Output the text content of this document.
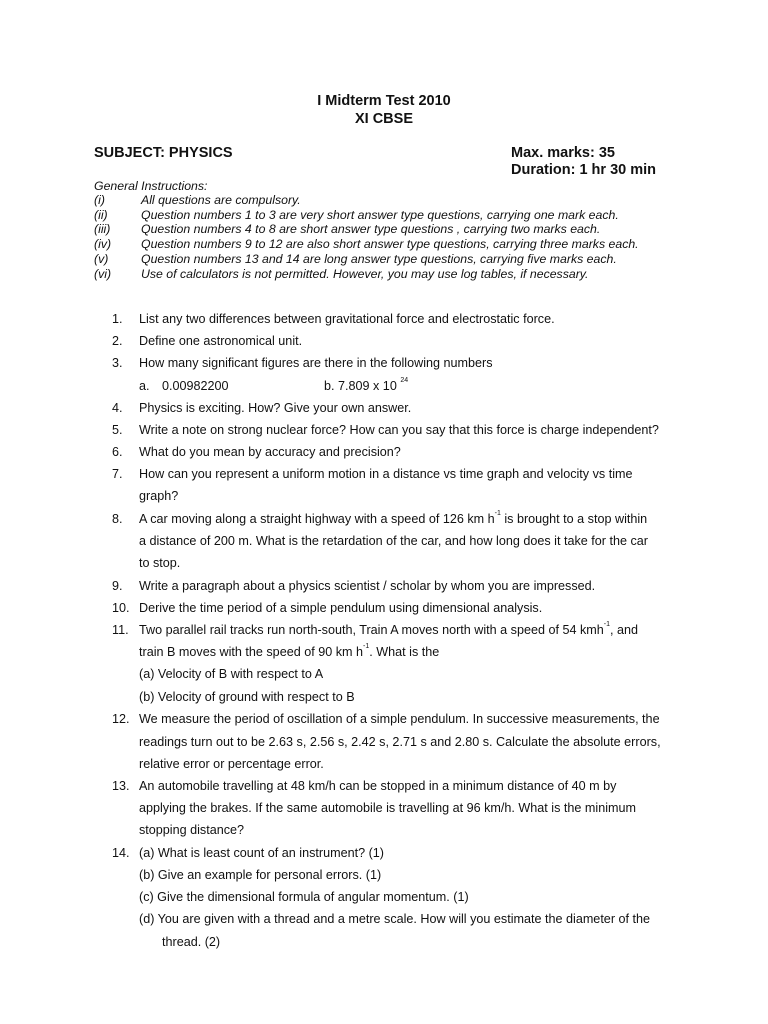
I Midterm Test 2010
XI CBSE
SUBJECT: PHYSICS	Max. marks: 35
Duration: 1 hr 30 min
General Instructions:
(i)	All questions are compulsory.
(ii)	Question numbers 1 to 3 are very short answer type questions, carrying one mark each.
(iii) Question numbers 4 to 8 are short answer type questions , carrying two marks each.
(iv) Question numbers 9 to 12 are also short answer type questions, carrying three marks each.
(v)	Question numbers 13 and 14 are long answer type questions, carrying five marks each.
(vi) Use of calculators is not permitted. However, you may use log tables, if necessary.
1.	List any two differences between gravitational force and electrostatic force.
2.	Define one astronomical unit.
3.	How many significant figures are there in the following numbers
a. 0.00982200	b. 7.809 x 10 $^{24}$
4.	Physics is exciting. How? Give your own answer.
5.	Write a note on strong nuclear force? How can you say that this force is charge independent?
6.	What do you mean by accuracy and precision?
7.	How can you represent a uniform motion in a distance vs time graph and velocity vs time
graph?
8.	A car moving along a straight highway with a speed of 126 km $h^{-1}$ is brought to a stop within
a distance of 200 m. What is the retardation of the car, and how long does it take for the car
to stop.
9.	Write a paragraph about a physics scientist / scholar by whom you are impressed.
10. Derive the time period of a simple pendulum using dimensional analysis.
11. Two parallel rail tracks run north-south, Train A moves north with a speed of 54 kmh$^{-1}$, and
train B moves with the speed of 90 km $h^{-1}$. What is the
(a) Velocity of B with respect to A
(b) Velocity of ground with respect to B
12. We measure the period of oscillation of a simple pendulum. In successive measurements, the
readings turn out to be 2.63 s, 2.56 s, 2.42 s, 2.71 s and 2.80 s. Calculate the absolute errors,
relative error or percentage error.
13. An automobile travelling at 48 km/h can be stopped in a minimum distance of 40 m by
applying the brakes. If the same automobile is travelling at 96 km/h. What is the minimum
stopping distance?
14. (a) What is least count of an instrument? (1)
(b) Give an example for personal errors. (1)
(c) Give the dimensional formula of angular momentum. (1)
(d) You are given with a thread and a metre scale. How will you estimate the diameter of the
thread. (2)
